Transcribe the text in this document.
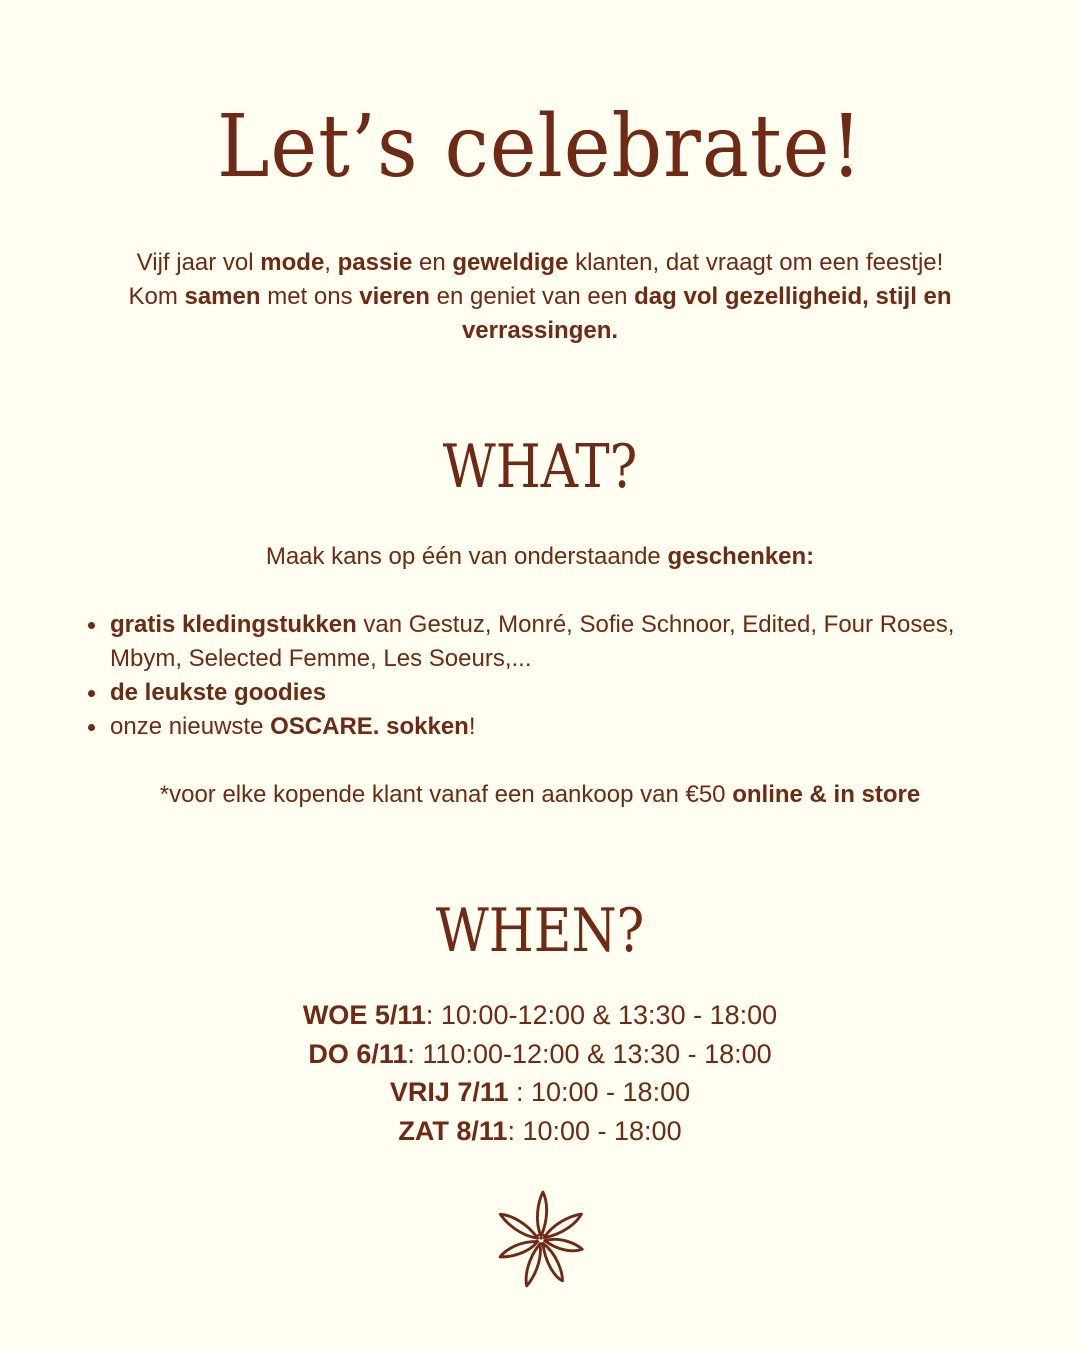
Let’s celebrate!
Vijf jaar vol mode, passie en geweldige klanten, dat vraagt om een feestje!
Kom samen met ons vieren en geniet van een dag vol gezelligheid, stijl en verrassingen.
WHAT?
Maak kans op één van onderstaande geschenken:
gratis kledingstukken van Gestuz, Monré, Sofie Schnoor, Edited, Four Roses, Mbym, Selected Femme, Les Soeurs,...
de leukste goodies
onze nieuwste OSCARE. sokken!
*voor elke kopende klant vanaf een aankoop van €50 online & in store
WHEN?
WOE 5/11: 10:00-12:00 & 13:30 - 18:00
DO 6/11: 110:00-12:00 & 13:30 - 18:00
VRIJ 7/11 : 10:00 - 18:00
ZAT 8/11: 10:00 - 18:00
